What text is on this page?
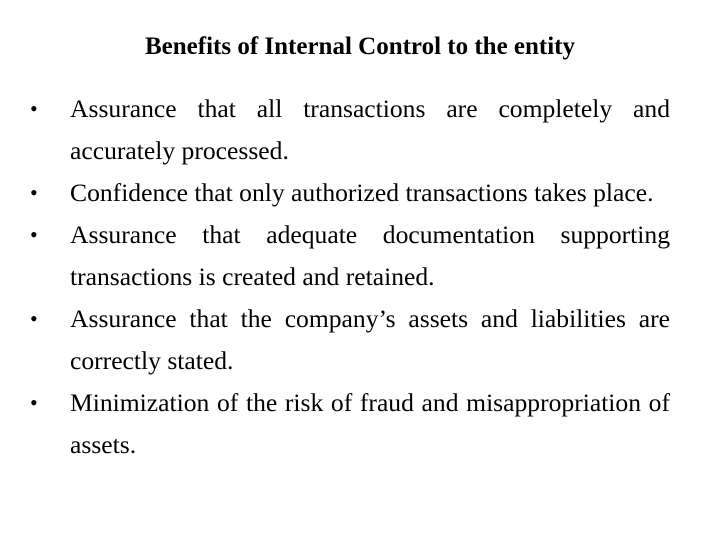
Benefits of Internal Control to the entity
•	Assurance that all transactions are completely and accurately processed.
•	Confidence that only authorized transactions takes place.
•	Assurance that adequate documentation supporting transactions is created and retained.
•	Assurance that the company’s assets and liabilities are correctly stated.
•	Minimization of the risk of fraud and misappropriation of assets.
